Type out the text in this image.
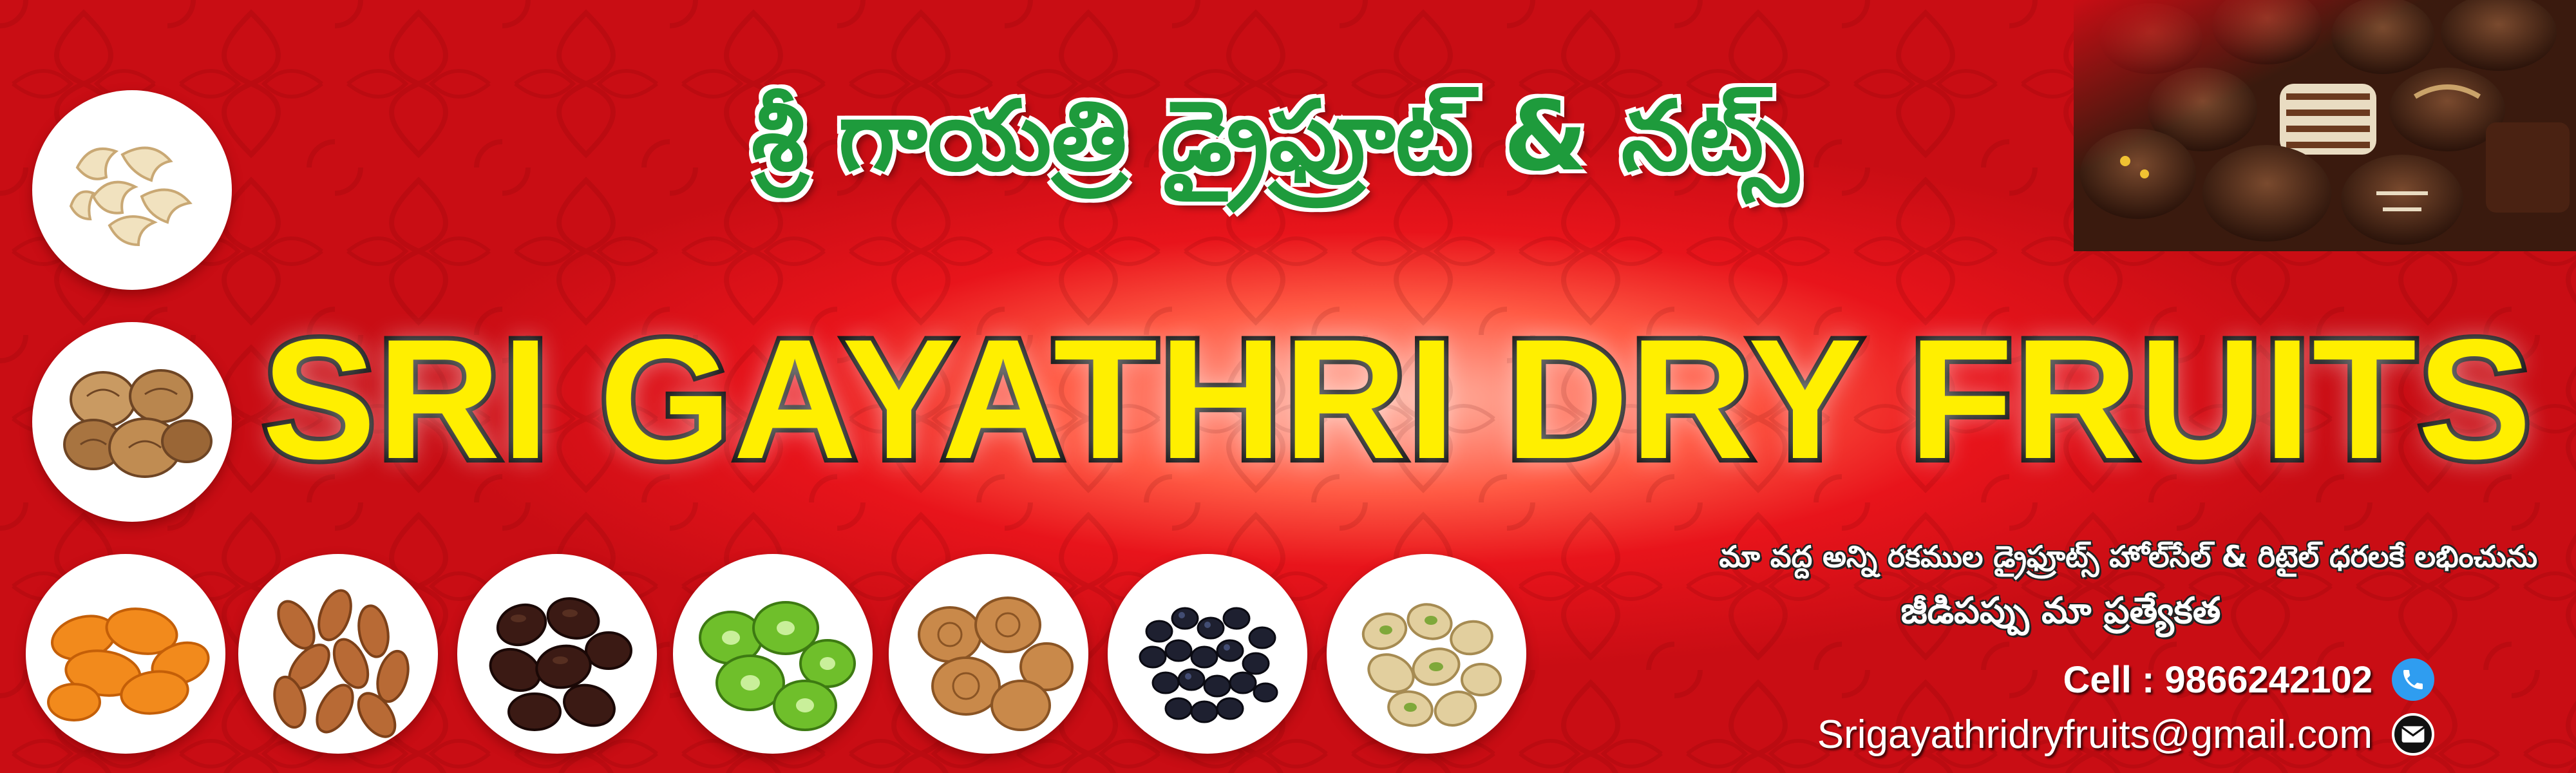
శ్రీ గాయత్రి డ్రైఫ్రూట్ & నట్స్
SRI GAYATHRI DRY FRUITS
మా వద్ద అన్ని రకముల డ్రైఫ్రూట్స్ హోల్‌సేల్ & రిటైల్ ధరలకే లభించును
జీడిపప్పు మా ప్రత్యేకత
Cell : 9866242102
Srigayathridryfruits@gmail.com
